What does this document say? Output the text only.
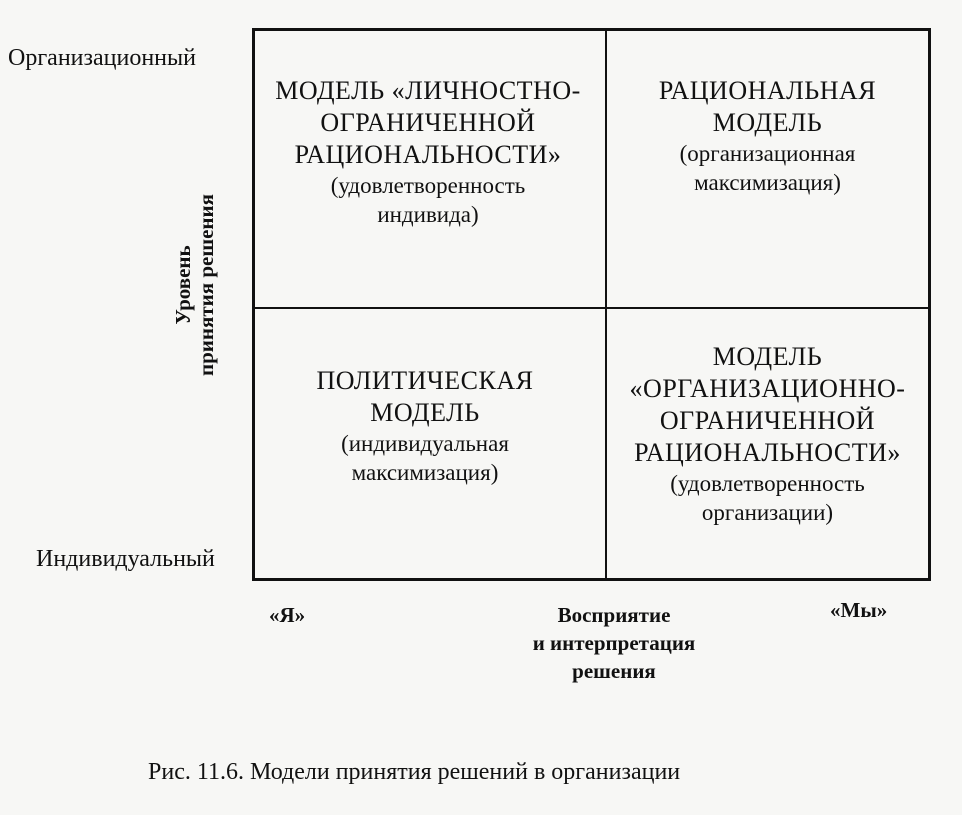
Организационный
Индивидуальный
Уровень принятия решения
МОДЕЛЬ «ЛИЧНОСТНО-
ОГРАНИЧЕННОЙ
РАЦИОНАЛЬНОСТИ»
(удовлетворенность
индивида)
РАЦИОНАЛЬНАЯ
МОДЕЛЬ
(организационная
максимизация)
ПОЛИТИЧЕСКАЯ
МОДЕЛЬ
(индивидуальная
максимизация)
МОДЕЛЬ
«ОРГАНИЗАЦИОННО-
ОГРАНИЧЕННОЙ
РАЦИОНАЛЬНОСТИ»
(удовлетворенность
организации)
«Я»	«Мы»
Восприятие
и интерпретация
решения
Рис. 11.6. Модели принятия решений в организации
